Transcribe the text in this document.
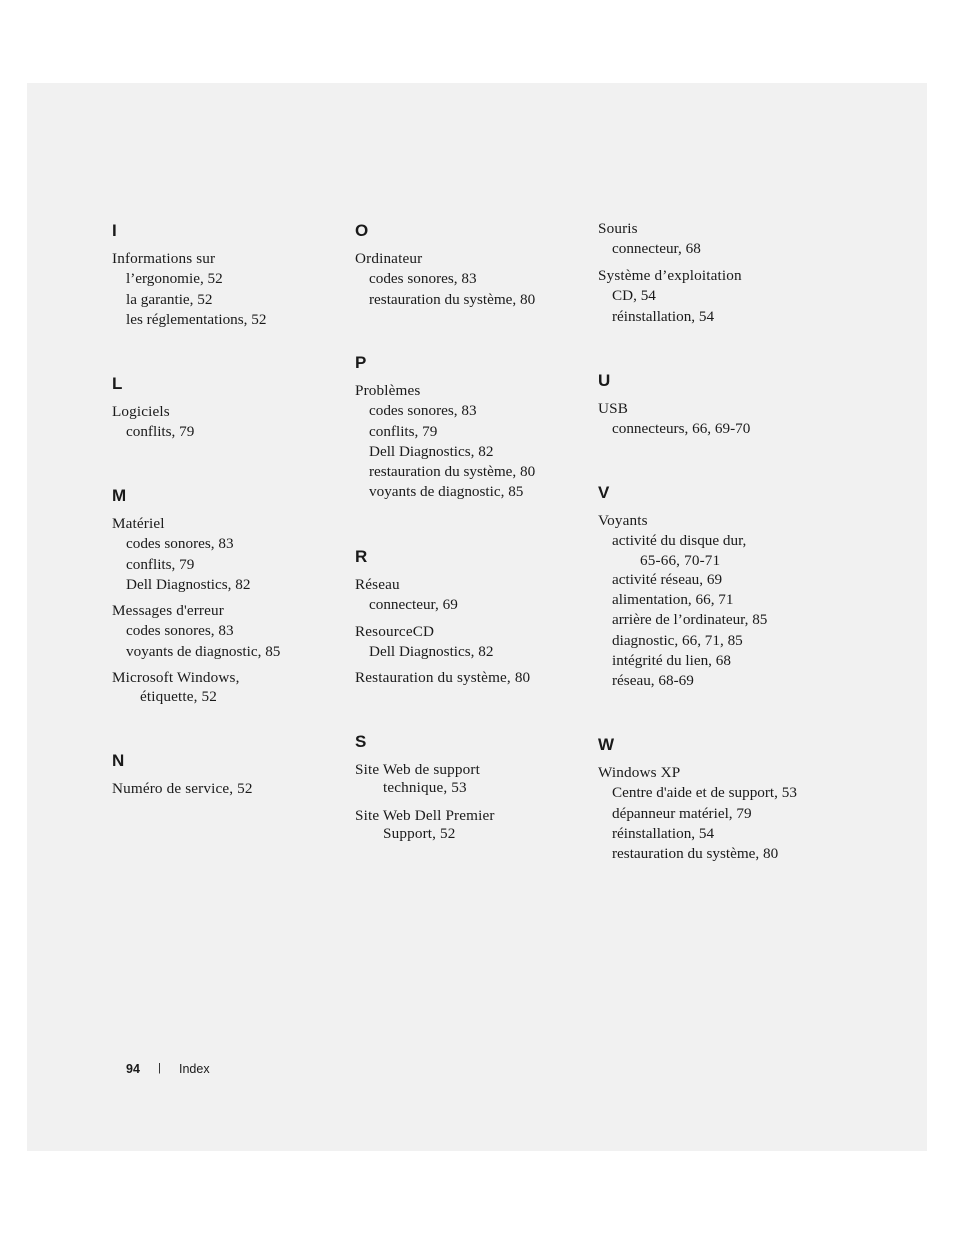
I
Informations sur
l’ergonomie, 52
la garantie, 52
les réglementations, 52
L
Logiciels
conflits, 79
M
Matériel
codes sonores, 83
conflits, 79
Dell Diagnostics, 82
Messages d'erreur
codes sonores, 83
voyants de diagnostic, 85
Microsoft Windows,
étiquette, 52
N
Numéro de service, 52
O
Ordinateur
codes sonores, 83
restauration du système, 80
P
Problèmes
codes sonores, 83
conflits, 79
Dell Diagnostics, 82
restauration du système, 80
voyants de diagnostic, 85
R
Réseau
connecteur, 69
ResourceCD
Dell Diagnostics, 82
Restauration du système, 80
S
Site Web de support
technique, 53
Site Web Dell Premier
Support, 52
Souris
connecteur, 68
Système d’exploitation
CD, 54
réinstallation, 54
U
USB
connecteurs, 66, 69-70
V
Voyants
activité du disque dur,
65-66, 70-71
activité réseau, 69
alimentation, 66, 71
arrière de l’ordinateur, 85
diagnostic, 66, 71, 85
intégrité du lien, 68
réseau, 68-69
W
Windows XP
Centre d'aide et de support, 53
dépanneur matériel, 79
réinstallation, 54
restauration du système, 80
94 | Index
